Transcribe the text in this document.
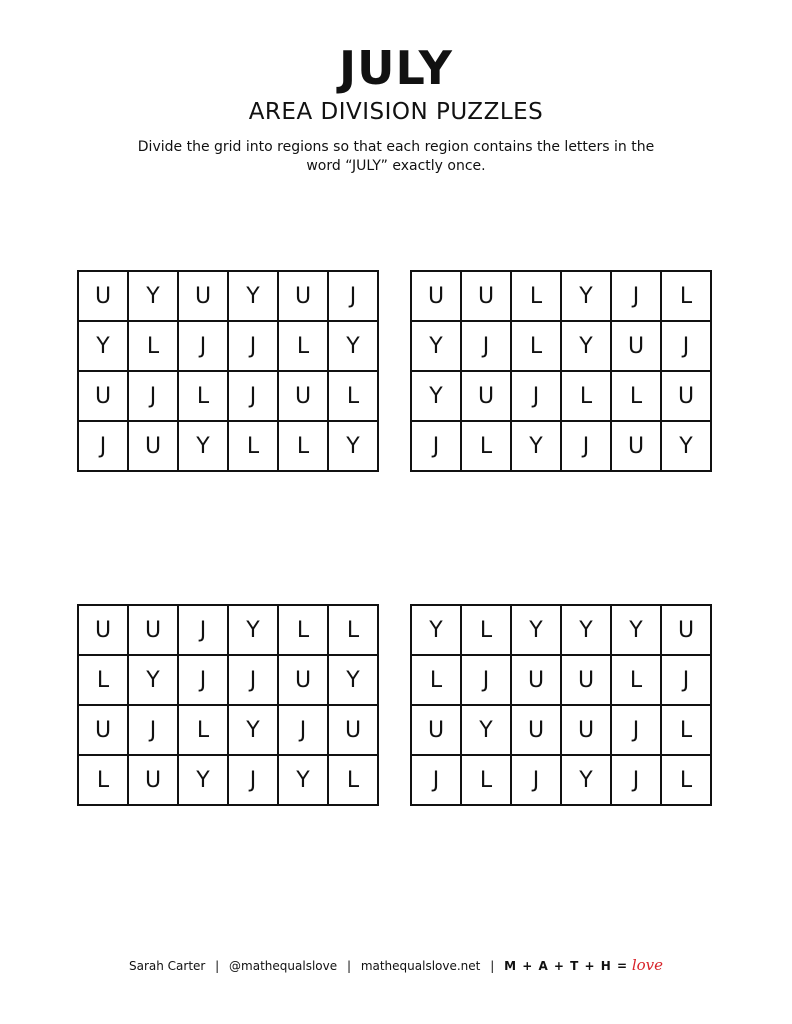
JULY
AREA DIVISION PUZZLES
Divide the grid into regions so that each region contains the letters in the
word “JULY” exactly once.
U	Y	U	Y	U	J
Y	L	J	J	L	Y
U	J	L	J	U	L
J	U	Y	L	L	Y
U	U	L	Y	J	L
Y	J	L	Y	U	J
Y	U	J	L	L	U
J	L	Y	J	U	Y
U	U	J	Y	L	L
L	Y	J	J	U	Y
U	J	L	Y	J	U
L	U	Y	J	Y	L
Y	L	Y	Y	Y	U
L	J	U	U	L	J
U	Y	U	U	J	L
J	L	J	Y	J	L
Sarah Carter | @mathequalslove | mathequalslove.net | M + A + T + H = love
